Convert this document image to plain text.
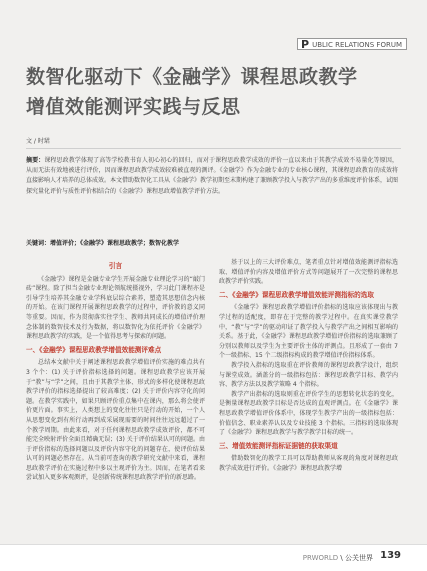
P UBLIC RELATIONS FORUM
数智化驱动下《金融学》课程思政教学
增值效能测评实践与反思
文 / 时珺
摘要：课程思政教学体现了高等学校教书育人初心初心的回归，而对于课程思政教学成效的评价一直以来由于其教学成效不易量化等原因，从而无法有效地被进行评价，因而课程思政教学成效较难被直观的测评。《金融学》作为金融专业的专业核心课程，其课程思政教育的成效将直接影响人才培养的总体成效。本文借助数智化工具从《金融学》教学初期至末期构建了兼顾教学投入与教学产出的多重维度评价体系，试图探究量化评价与质性评价相结合的《金融学》课程思政增值教学评价方法。
关键词：增值评价；《金融学》课程思政教学；数智化教学
引言

《金融学》课程是金融专业学生开展金融专业理论学习的“敲门砖”课程。除了担当金融专业理论领航统摄视外，学习此门课程亦是引导学生培养其金融专业学科底层综合素养，塑造其思想信念内核的开始。在该门课程开展课程思政教学的过程中，评价教的意义同等重要。因而，作为贯彻落实往学生、教师共同成长的增值评价理念体制的数智技术及行为数据，将以数智化为依托评价《金融学》课程思政教学的实践，是一个值得思考与探索的问题。

一、《金融学》课程思政教学增值效能测评难点

总结本文献中关于阐述课程思政教学增值评价实施的难点共有 3 个个：(1) 关于评价指标选择的问题。课程思政教学应该开展于“教”与“学”之间，且由于其教学主体、形式的多样化使课程思政教学评价的指标选择提出了较高难度；(2) 关于评价内容守化的问题。在教学实践中，如果只顾评价重点集中在课内，那么将会使评价更片面。事实上，人类想上的变化往往只是行动的开始，一个人从思想变化到有所行动再到成采展现需要的时间往往远远超过了一个教学周期。由此来看，对于任何课程思政教学成效评价，都不可能完全映射评价全面且精确无误；(3) 关于评价结果认可的问题。由于评价指标的选择问题以及评价内容守化的问题存在，使评价结果认可的问题必然存在。从当前可查询的教学研究文献中来看，课程思政教学评价在实施过程中多以主观评价为主。因而，在笔者看来尝试加入更多客观测评，是创新传统课程思政教学评价的新思路。

基于以上的三大评价难点，笔者重点针对增值效能测评指标选取、增值评价内容及增值评价方式等问题展开了一次完整的课程思政教学评价实践。

二、《金融学》课程思政教学增值效能评测指标的选取

《金融学》课程思政教学增值评价指标的选取应该体现出与教学过程的适配度，即存在于完整的教学过程中。在真实课堂教学中，“教”与“学”的驱动印证了教学投入与教学产出之间相互影响的关系。基于此，《金融学》课程思政教学增值评价指标的选取兼顾了分别以教师以及学生为主要评价主体的评测点。且形成了一套由 7 个一级指标、15 个二级指标构成的教学增值评价指标体系。

教学投入指标的选取重在评价教师的课程思政教学设计，组织与课堂成效。涵盖分的一级指标包括：课程思政教学目标、教学内容、教学方法以及教学策略 4 个指标。

教学产出指标的选取则重在评价学生的思想转化状态的变化，是衡量课程思政教学目标是否达成的直观评测点。在《金融学》课程思政教学增值评价体系中，体现学生教学产出的一级指标包括：价值信念、职业素养认以及专业技能 3 个指标。三指标的选取体现了《金融学》课程思政教学与教学教学目标的统一。

三、增值效能测评指标证据链的获取渠道

借助数智化的教学工具可以帮助教师从客观的角度对课程思政教学成效进行评价。《金融学》课程思政教学增

PRWORLD \ 公关世界 139
